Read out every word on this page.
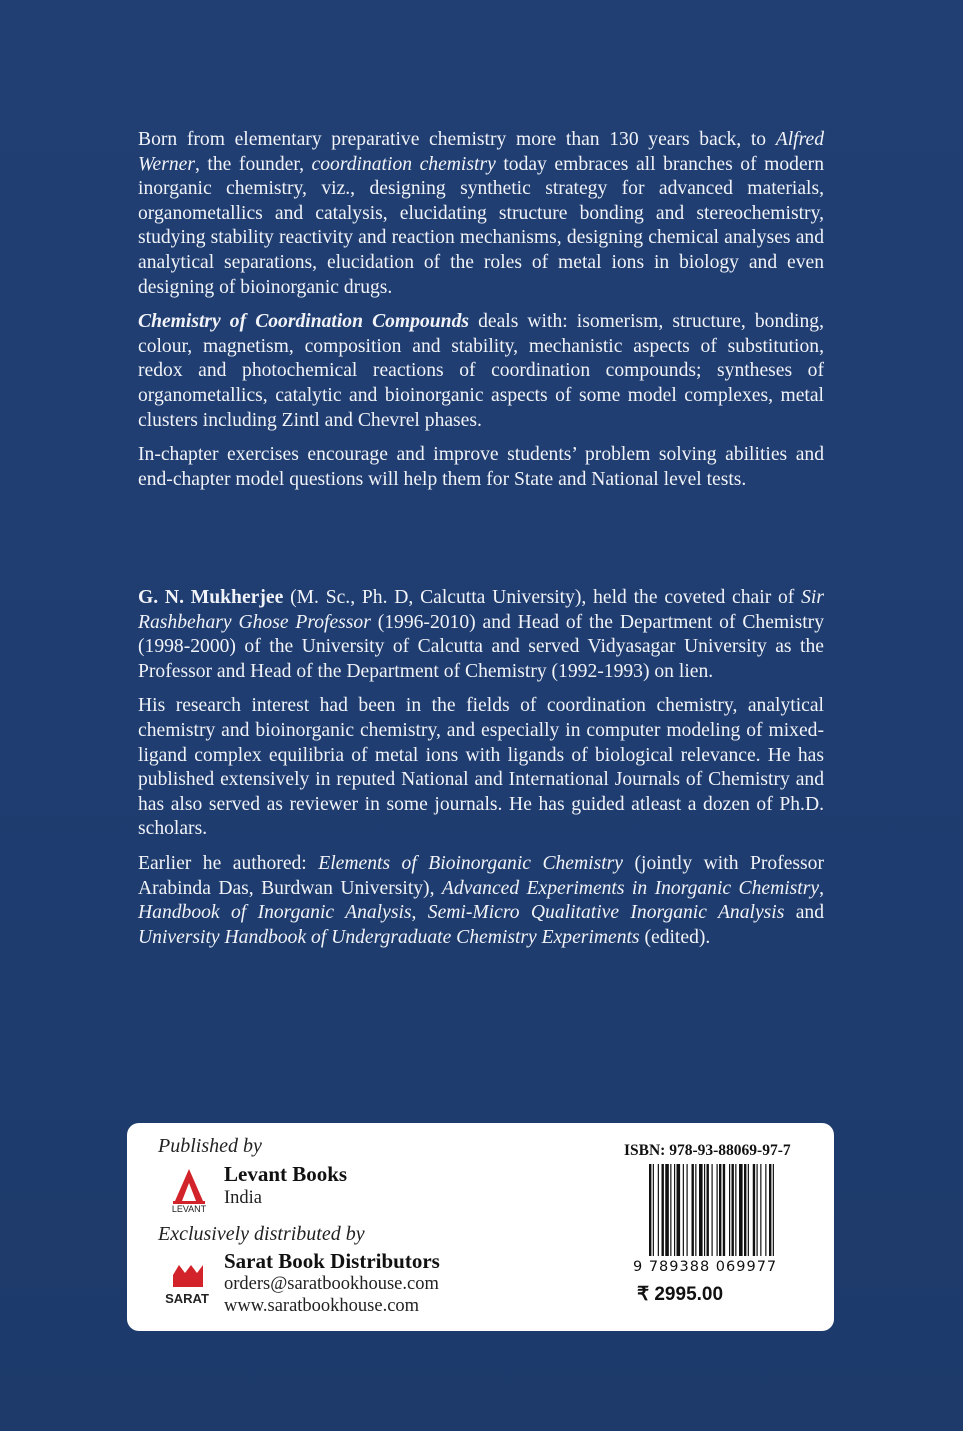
Born from elementary preparative chemistry more than 130 years back, to Alfred Werner, the founder, coordination chemistry today embraces all branches of modern inorganic chemistry, viz., designing synthetic strategy for advanced materials, organometallics and catalysis, elucidating structure bonding and stereochemistry, studying stability reactivity and reaction mechanisms, designing chemical analyses and analytical separations, elucidation of the roles of metal ions in biology and even designing of bioinorganic drugs.

Chemistry of Coordination Compounds deals with: isomerism, structure, bonding, colour, magnetism, composition and stability, mechanistic aspects of substitution, redox and photochemical reactions of coordination compounds; syntheses of organometallics, catalytic and bioinorganic aspects of some model complexes, metal clusters including Zintl and Chevrel phases.

In-chapter exercises encourage and improve students’ problem solving abilities and end-chapter model questions will help them for State and National level tests.

G. N. Mukherjee (M. Sc., Ph. D, Calcutta University), held the coveted chair of Sir Rashbehary Ghose Professor (1996-2010) and Head of the Department of Chemistry (1998-2000) of the University of Calcutta and served Vidyasagar University as the Professor and Head of the Department of Chemistry (1992-1993) on lien.

His research interest had been in the fields of coordination chemistry, analytical chemistry and bioinorganic chemistry, and especially in computer modeling of mixed-ligand complex equilibria of metal ions with ligands of biological relevance. He has published extensively in reputed National and International Journals of Chemistry and has also served as reviewer in some journals. He has guided atleast a dozen of Ph.D. scholars.

Earlier he authored: Elements of Bioinorganic Chemistry (jointly with Professor Arabinda Das, Burdwan University), Advanced Experiments in Inorganic Chemistry, Handbook of Inorganic Analysis, Semi-Micro Qualitative Inorganic Analysis and University Handbook of Undergraduate Chemistry Experiments (edited).

Published by
LEVANT
Levant Books
India
Exclusively distributed by
SARAT
Sarat Book Distributors
orders@saratbookhouse.com
www.saratbookhouse.com
ISBN: 978-93-88069-97-7
9 789388 069977
₹ 2995.00
